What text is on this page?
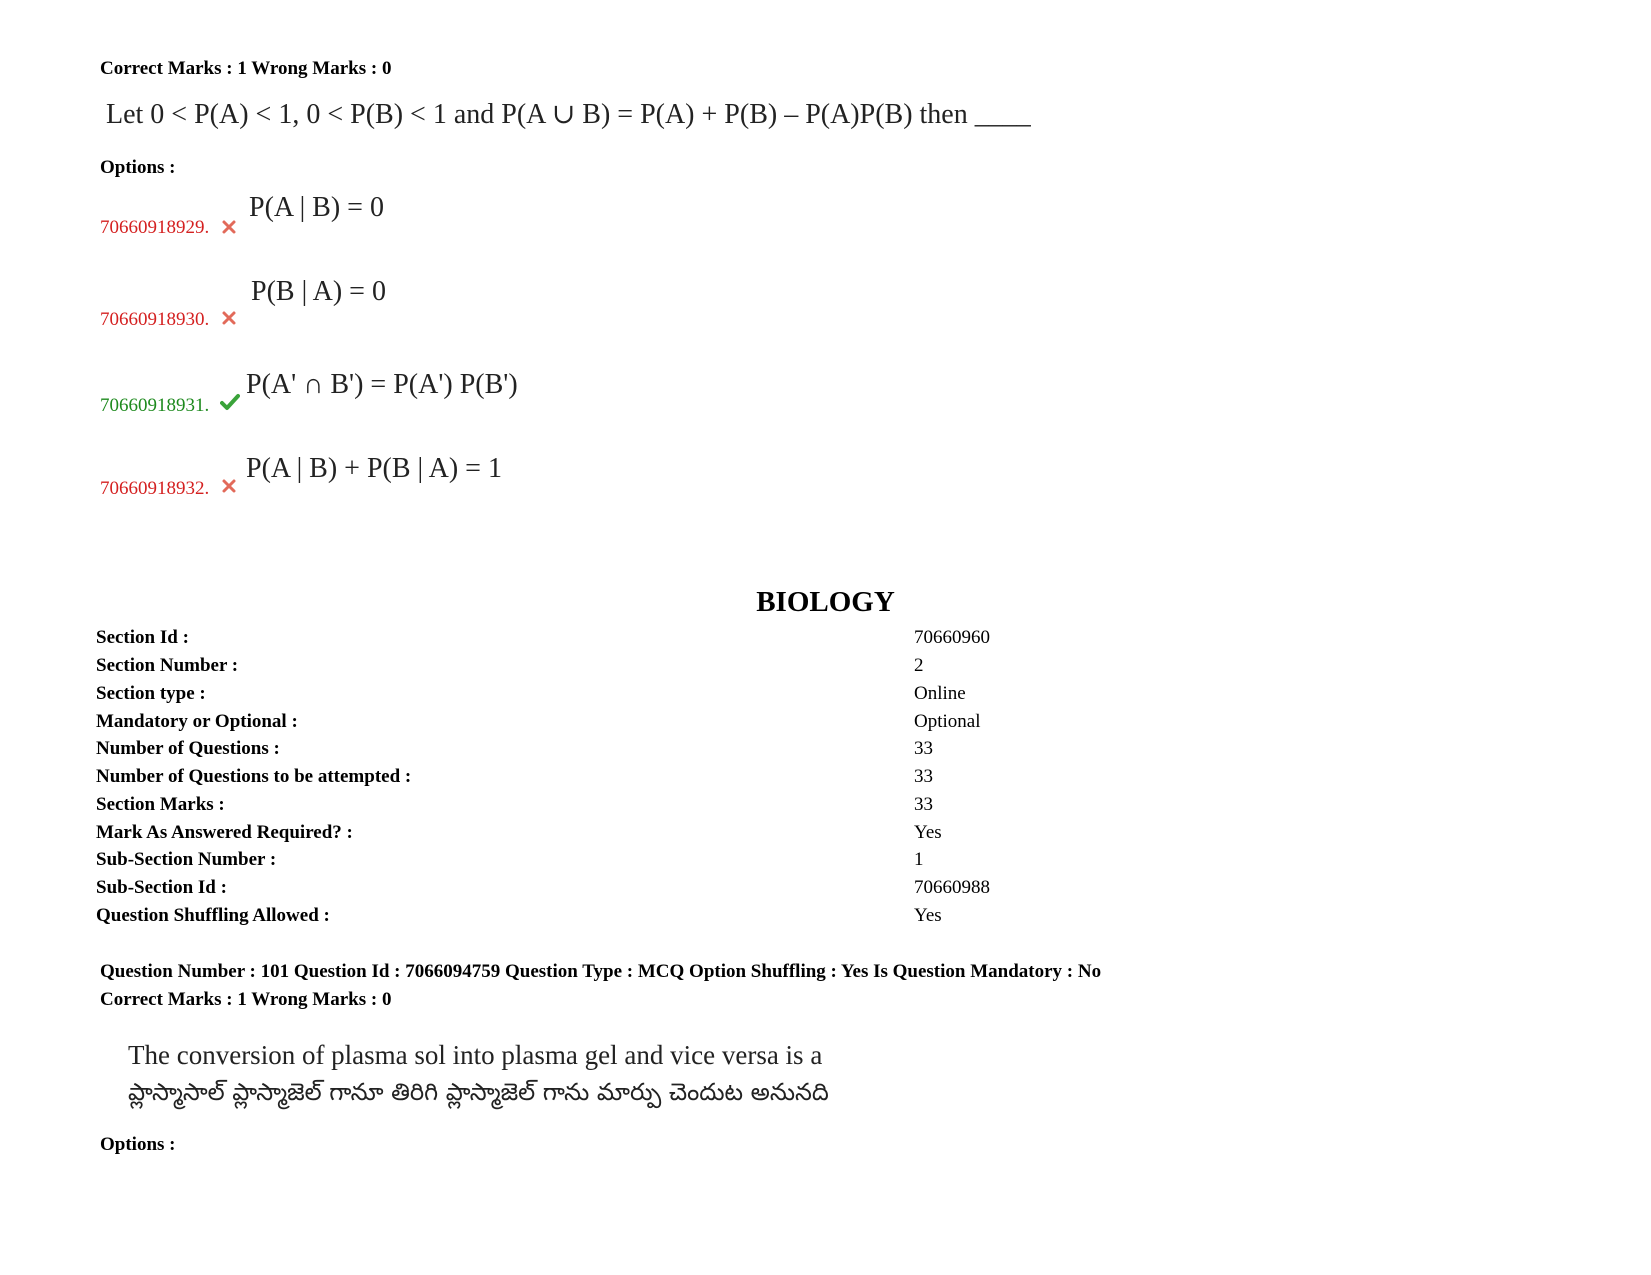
Correct Marks : 1 Wrong Marks : 0
Let 0 < P(A) < 1, 0 < P(B) < 1 and P(A ∪ B) = P(A) + P(B) – P(A)P(B) then ____
Options :
70660918929.
P(A | B) = 0
70660918930.
P(B | A) = 0
70660918931.
P(A' ∩ B') = P(A') P(B')
70660918932.
P(A | B) + P(B | A) = 1
BIOLOGY
Section Id :	70660960
Section Number :	2
Section type :	Online
Mandatory or Optional :	Optional
Number of Questions :	33
Number of Questions to be attempted :	33
Section Marks :	33
Mark As Answered Required? :	Yes
Sub-Section Number :	1
Sub-Section Id :	70660988
Question Shuffling Allowed :	Yes
Question Number : 101 Question Id : 7066094759 Question Type : MCQ Option Shuffling : Yes Is Question Mandatory : No
Correct Marks : 1 Wrong Marks : 0
The conversion of plasma sol into plasma gel and vice versa is a
ప్లాస్మాసాల్ ప్లాస్మాజెల్ గానూ తిరిగి ప్లాస్మాజెల్ గాను మార్పు చెందుట అనునది
Options :
